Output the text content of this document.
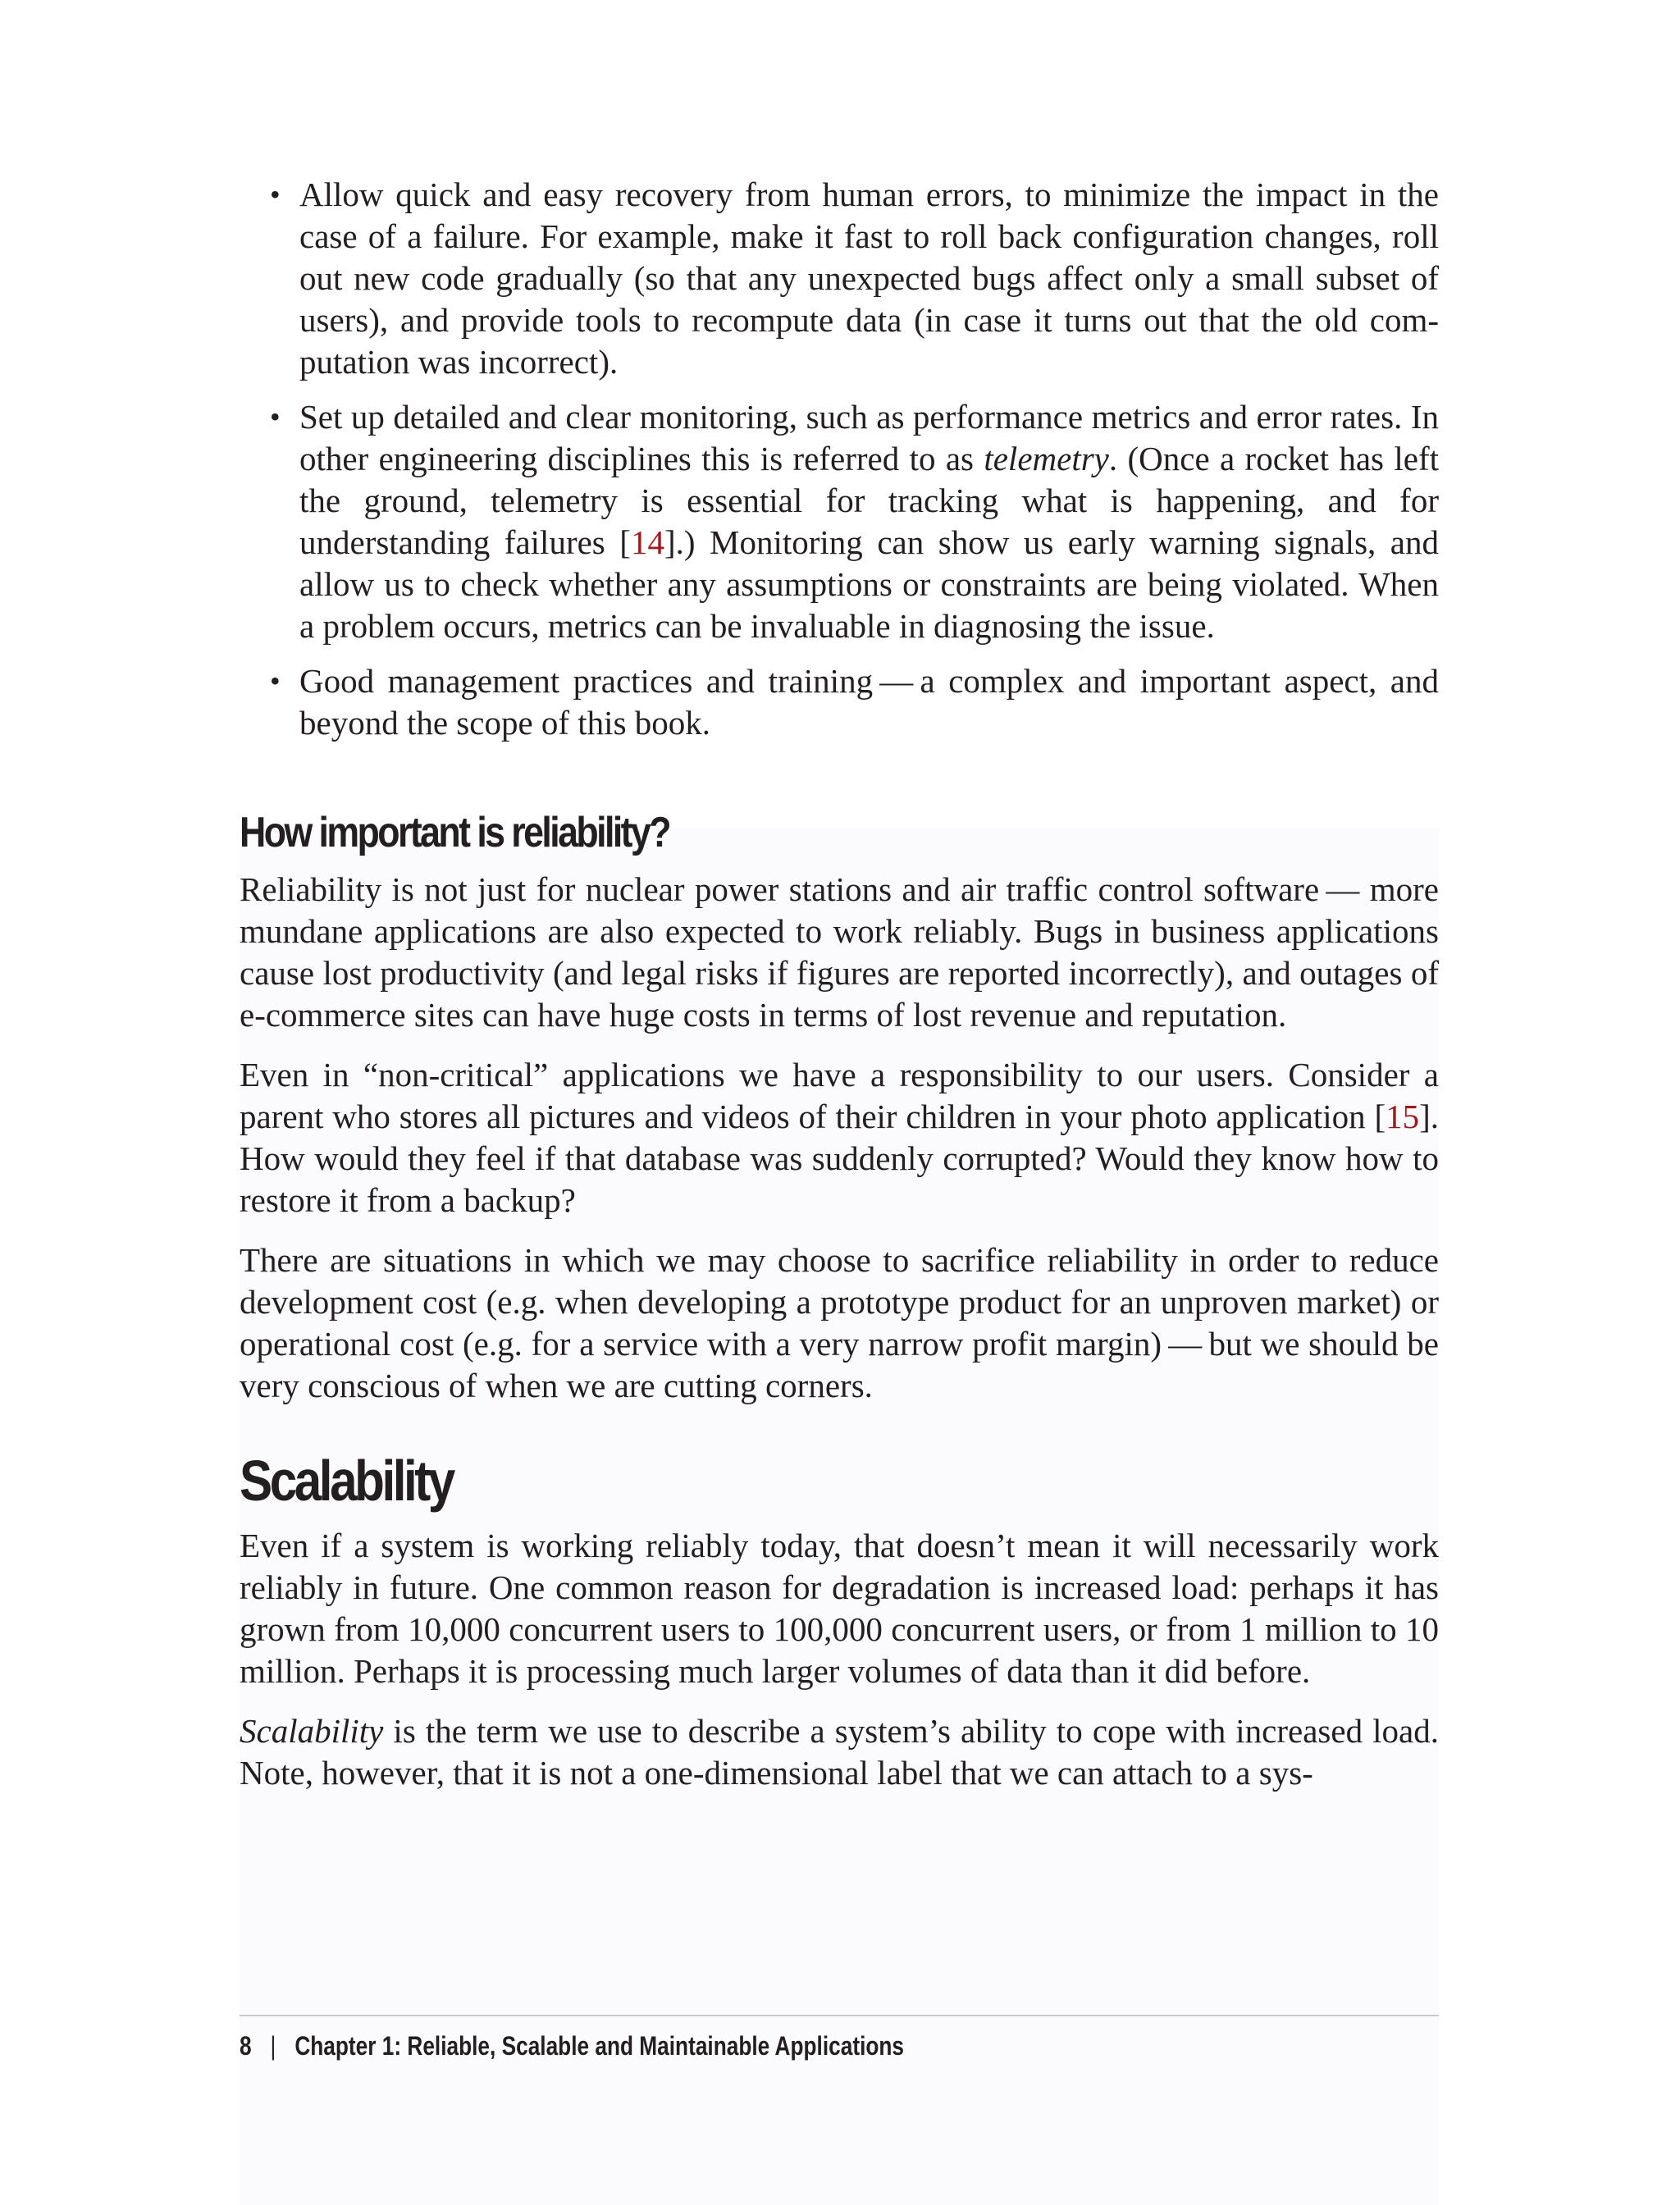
• Allow quick and easy recovery from human errors, to minimize the impact in the case of a failure. For example, make it fast to roll back configuration changes, roll out new code gradually (so that any unexpected bugs affect only a small subset of users), and provide tools to recompute data (in case it turns out that the old computation was incorrect).
• Set up detailed and clear monitoring, such as performance metrics and error rates. In other engineering disciplines this is referred to as telemetry. (Once a rocket has left the ground, telemetry is essential for tracking what is happening, and for understanding failures [14].) Monitoring can show us early warning signals, and allow us to check whether any assumptions or constraints are being violated. When a problem occurs, metrics can be invaluable in diagnosing the issue.
• Good management practices and training — a complex and important aspect, and beyond the scope of this book.
How important is reliability?

Reliability is not just for nuclear power stations and air traffic control software — more mundane applications are also expected to work reliably. Bugs in business applications cause lost productivity (and legal risks if figures are reported incorrectly), and outages of e-commerce sites can have huge costs in terms of lost revenue and reputation.

Even in “non-critical” applications we have a responsibility to our users. Consider a parent who stores all pictures and videos of their children in your photo application [15]. How would they feel if that database was suddenly corrupted? Would they know how to restore it from a backup?

There are situations in which we may choose to sacrifice reliability in order to reduce development cost (e.g. when developing a prototype product for an unproven market) or operational cost (e.g. for a service with a very narrow profit margin) — but we should be very conscious of when we are cutting corners.

Scalability

Even if a system is working reliably today, that doesn’t mean it will necessarily work reliably in future. One common reason for degradation is increased load: perhaps it has grown from 10,000 concurrent users to 100,000 concurrent users, or from 1 million to 10 million. Perhaps it is processing much larger volumes of data than it did before.

Scalability is the term we use to describe a system’s ability to cope with increased load. Note, however, that it is not a one-dimensional label that we can attach to a sys-

8 | Chapter 1: Reliable, Scalable and Maintainable Applications
